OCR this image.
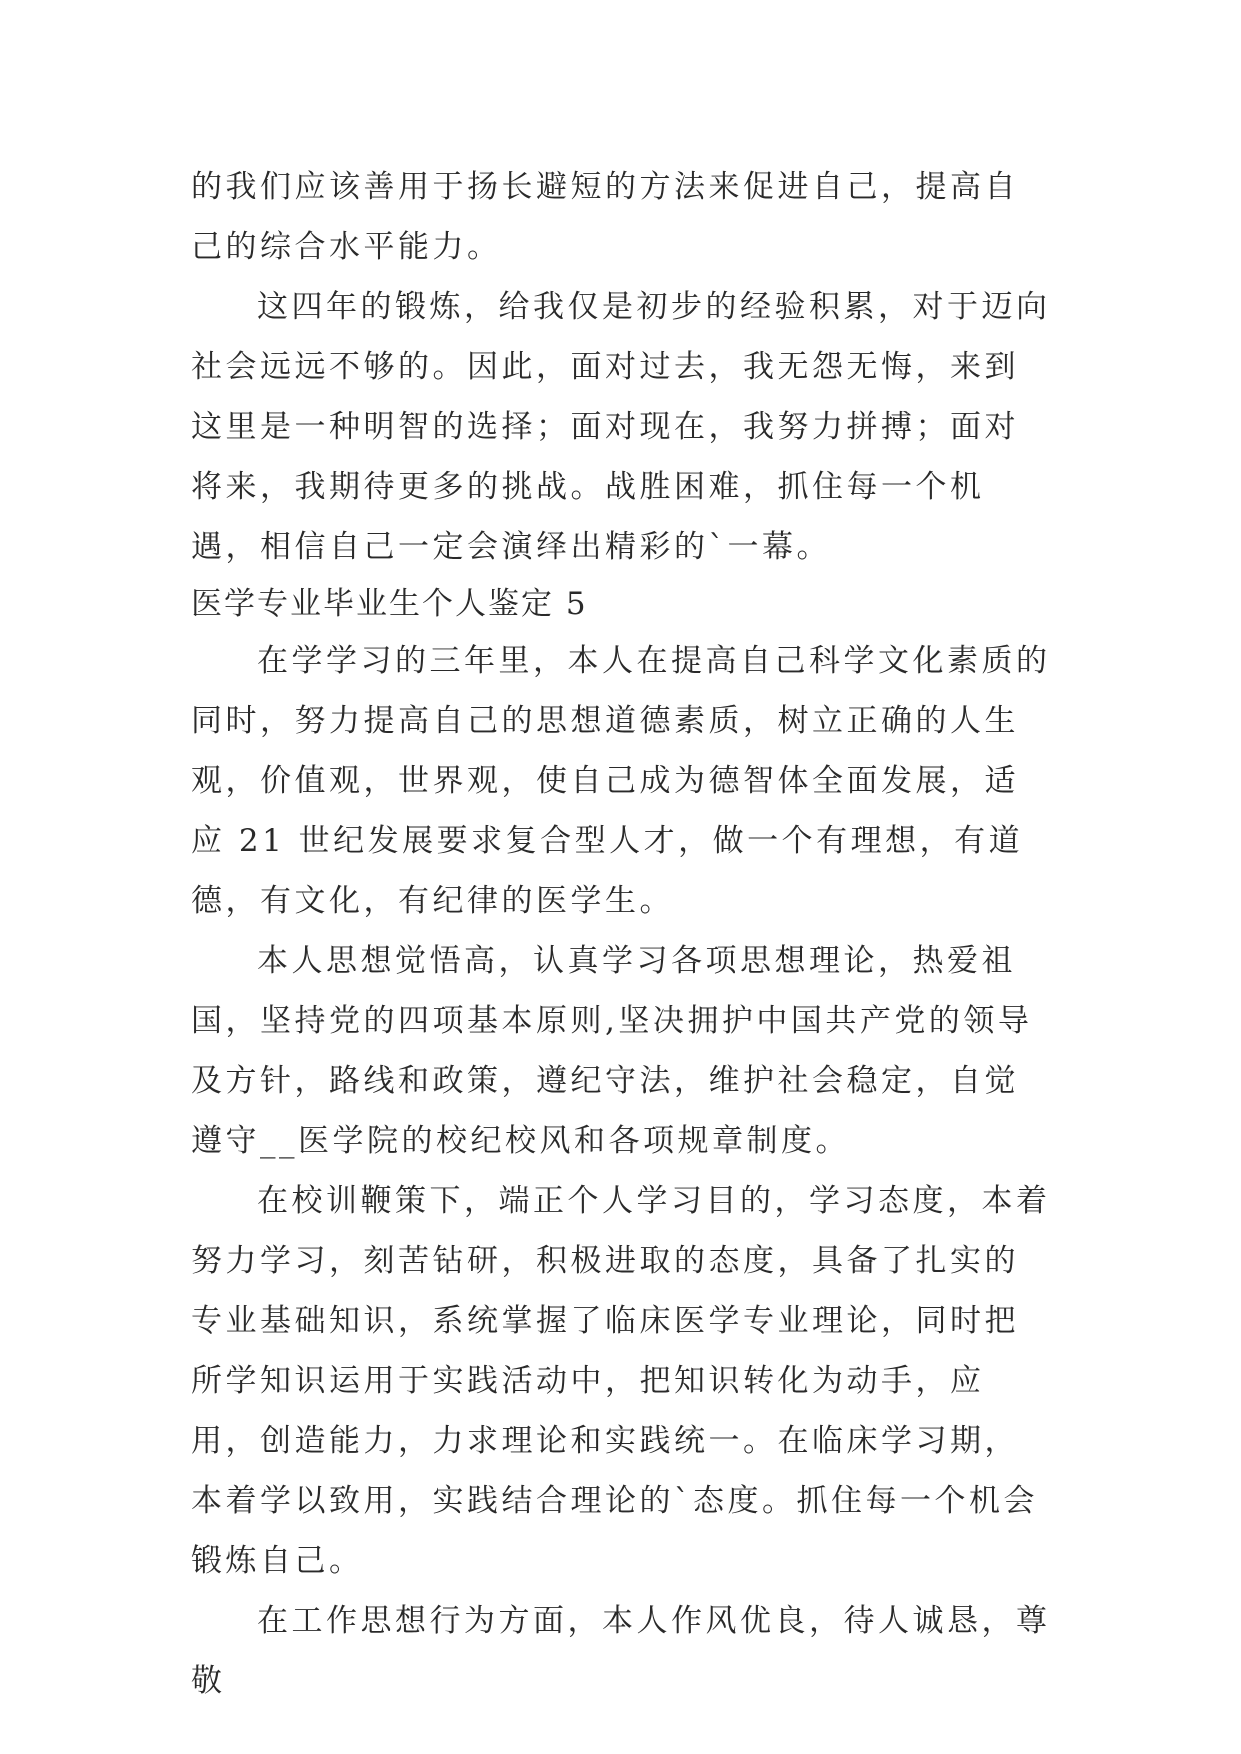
的我们应该善用于扬长避短的方法来促进自己，提高自己的综合水平能力。

这四年的锻炼，给我仅是初步的经验积累，对于迈向社会远远不够的。因此，面对过去，我无怨无悔，来到这里是一种明智的选择；面对现在，我努力拼搏；面对将来，我期待更多的挑战。战胜困难，抓住每一个机遇，相信自己一定会演绎出精彩的`一幕。

医学专业毕业生个人鉴定 5

在学学习的三年里，本人在提高自己科学文化素质的同时，努力提高自己的思想道德素质，树立正确的人生观，价值观，世界观，使自己成为德智体全面发展，适应 21 世纪发展要求复合型人才，做一个有理想，有道德，有文化，有纪律的医学生。

本人思想觉悟高，认真学习各项思想理论，热爱祖国，坚持党的四项基本原则,坚决拥护中国共产党的领导及方针，路线和政策，遵纪守法，维护社会稳定，自觉遵守__医学院的校纪校风和各项规章制度。

在校训鞭策下，端正个人学习目的，学习态度，本着努力学习，刻苦钻研，积极进取的态度，具备了扎实的专业基础知识，系统掌握了临床医学专业理论，同时把所学知识运用于实践活动中，把知识转化为动手，应用，创造能力，力求理论和实践统一。在临床学习期，本着学以致用，实践结合理论的`态度。抓住每一个机会锻炼自己。

在工作思想行为方面，本人作风优良，待人诚恳，尊敬
